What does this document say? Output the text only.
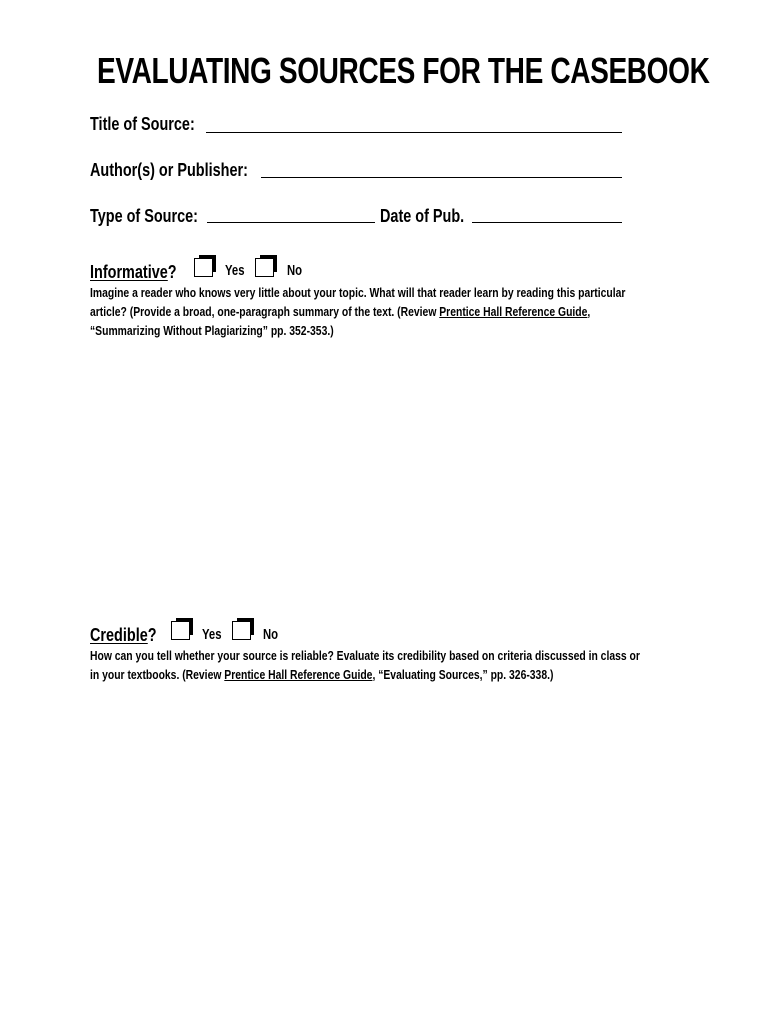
EVALUATING SOURCES FOR THE CASEBOOK
Title of Source:
Author(s) or Publisher:
Type of Source:	Date of Pub.
Informative?	Yes	No
Imagine a reader who knows very little about your topic. What will that reader learn by reading this particular
article? (Provide a broad, one-paragraph summary of the text. (Review Prentice Hall Reference Guide,
“Summarizing Without Plagiarizing” pp. 352-353.)
Credible?	Yes	No
How can you tell whether your source is reliable? Evaluate its credibility based on criteria discussed in class or
in your textbooks. (Review Prentice Hall Reference Guide, “Evaluating Sources,” pp. 326-338.)
